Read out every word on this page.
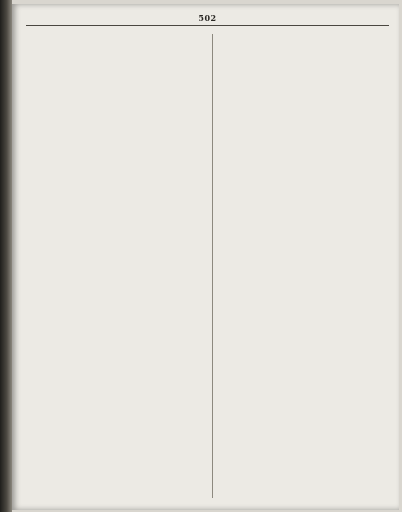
502
